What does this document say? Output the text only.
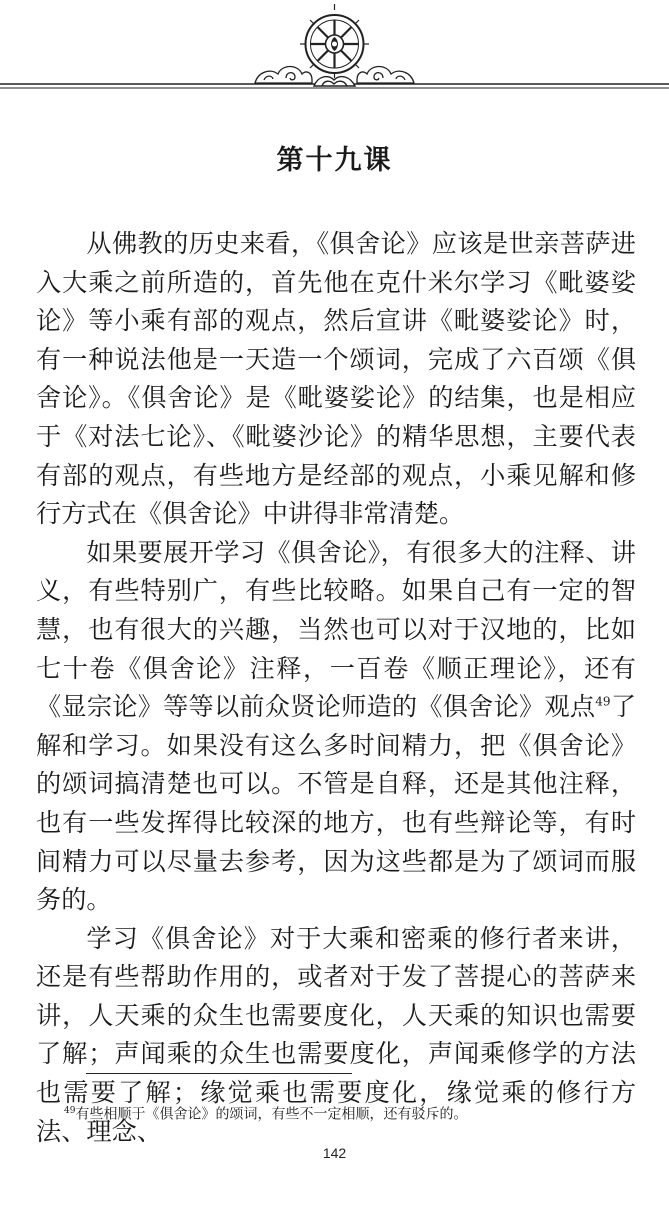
第十九课

从佛教的历史来看，《俱舍论》应该是世亲菩萨进入大乘之前所造的，首先他在克什米尔学习《毗婆娑论》等小乘有部的观点，然后宣讲《毗婆娑论》时，有一种说法他是一天造一个颂词，完成了六百颂《俱舍论》。《俱舍论》是《毗婆娑论》的结集，也是相应于《对法七论》、《毗婆沙论》的精华思想，主要代表有部的观点，有些地方是经部的观点，小乘见解和修行方式在《俱舍论》中讲得非常清楚。

如果要展开学习《俱舍论》，有很多大的注释、讲义，有些特别广，有些比较略。如果自己有一定的智慧，也有很大的兴趣，当然也可以对于汉地的，比如七十卷《俱舍论》注释，一百卷《顺正理论》，还有《显宗论》等等以前众贤论师造的《俱舍论》观点$^{49}$了解和学习。如果没有这么多时间精力，把《俱舍论》的颂词搞清楚也可以。不管是自释，还是其他注释，也有一些发挥得比较深的地方，也有些辩论等，有时间精力可以尽量去参考，因为这些都是为了颂词而服务的。

学习《俱舍论》对于大乘和密乘的修行者来讲，还是有些帮助作用的，或者对于发了菩提心的菩萨来讲，人天乘的众生也需要度化，人天乘的知识也需要了解；声闻乘的众生也需要度化，声闻乘修学的方法也需要了解；缘觉乘也需要度化，缘觉乘的修行方法、理念、

$^{49}$有些相顺于《俱舍论》的颂词，有些不一定相顺，还有驳斥的。
142
